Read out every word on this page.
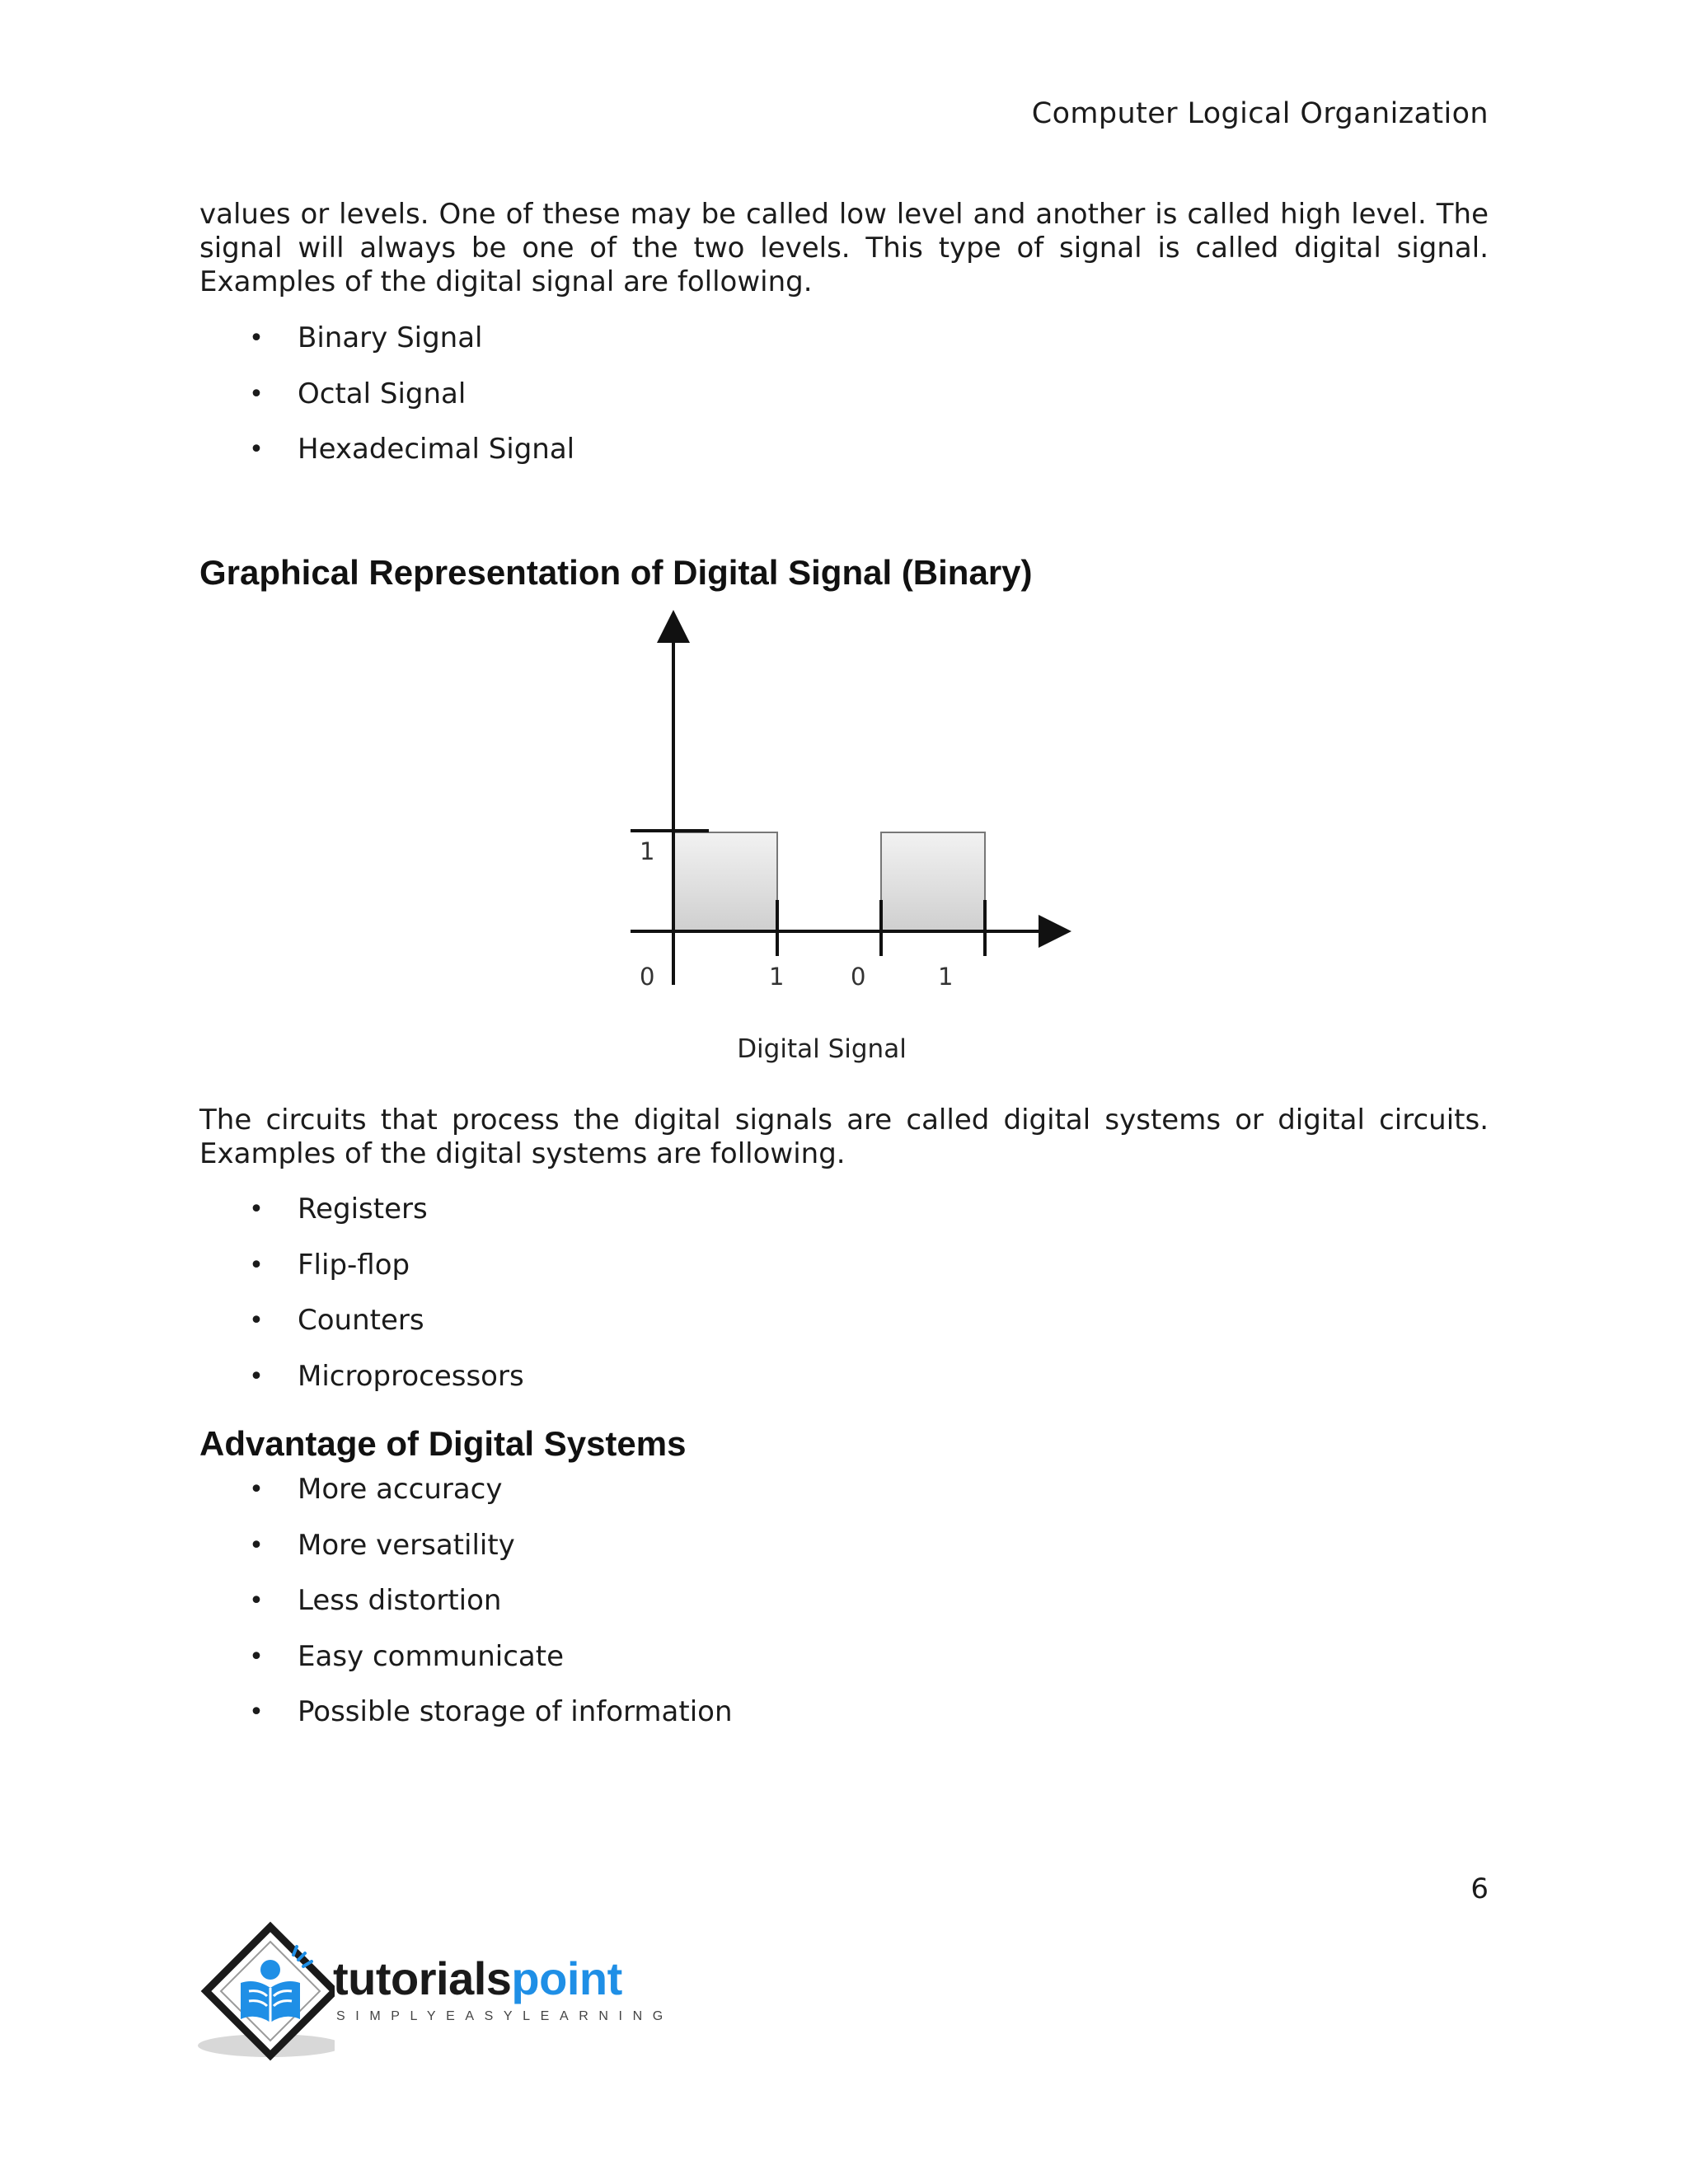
Computer Logical Organization

values or levels. One of these may be called low level and another is called high level. The signal will always be one of the two levels. This type of signal is called digital signal. Examples of the digital signal are following.

• Binary Signal
• Octal Signal
• Hexadecimal Signal
Graphical Representation of Digital Signal (Binary)
1
0	1	0	1
Digital Signal

The circuits that process the digital signals are called digital systems or digital circuits. Examples of the digital systems are following.

• Registers
• Flip-flop
• Counters
• Microprocessors
Advantage of Digital Systems
• More accuracy
• More versatility
• Less distortion
• Easy communicate
• Possible storage of information
6
tutorialspoint
SIMPLYEASYLEARNING
